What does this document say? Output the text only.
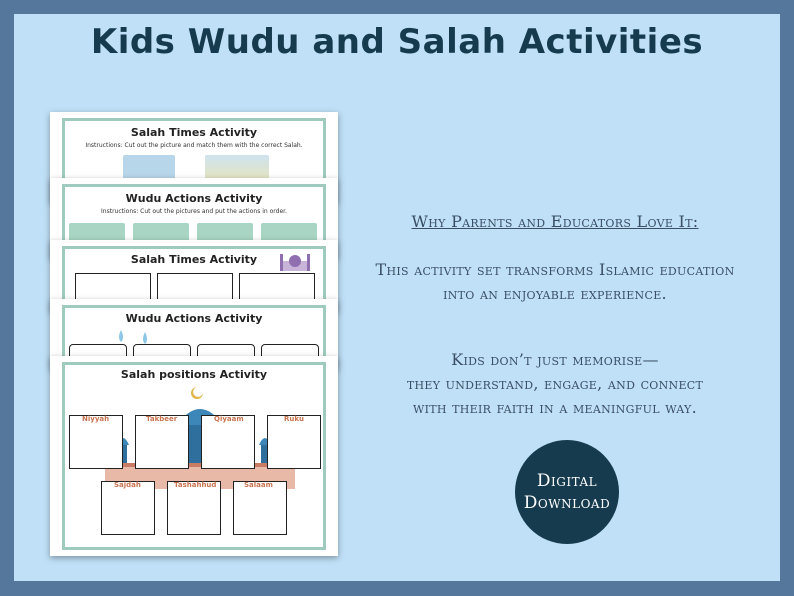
Kids Wudu and Salah Activities
Salah Times Activity
Instructions: Cut out the picture and match them with the correct Salah.
Wudu Actions Activity
Instructions: Cut out the pictures and put the actions in order.
Salah Times Activity
Wudu Actions Activity
Salah positions Activity
Niyyah	Takbeer	Qiyaam	Ruku
Sajdah	Tashahhud	Salaam
Why Parents and Educators Love It:
This activity set transforms Islamic education
into an enjoyable experience.
Kids don’t just memorise—
they understand, engage, and connect
with their faith in a meaningful way.
Digital
Download
